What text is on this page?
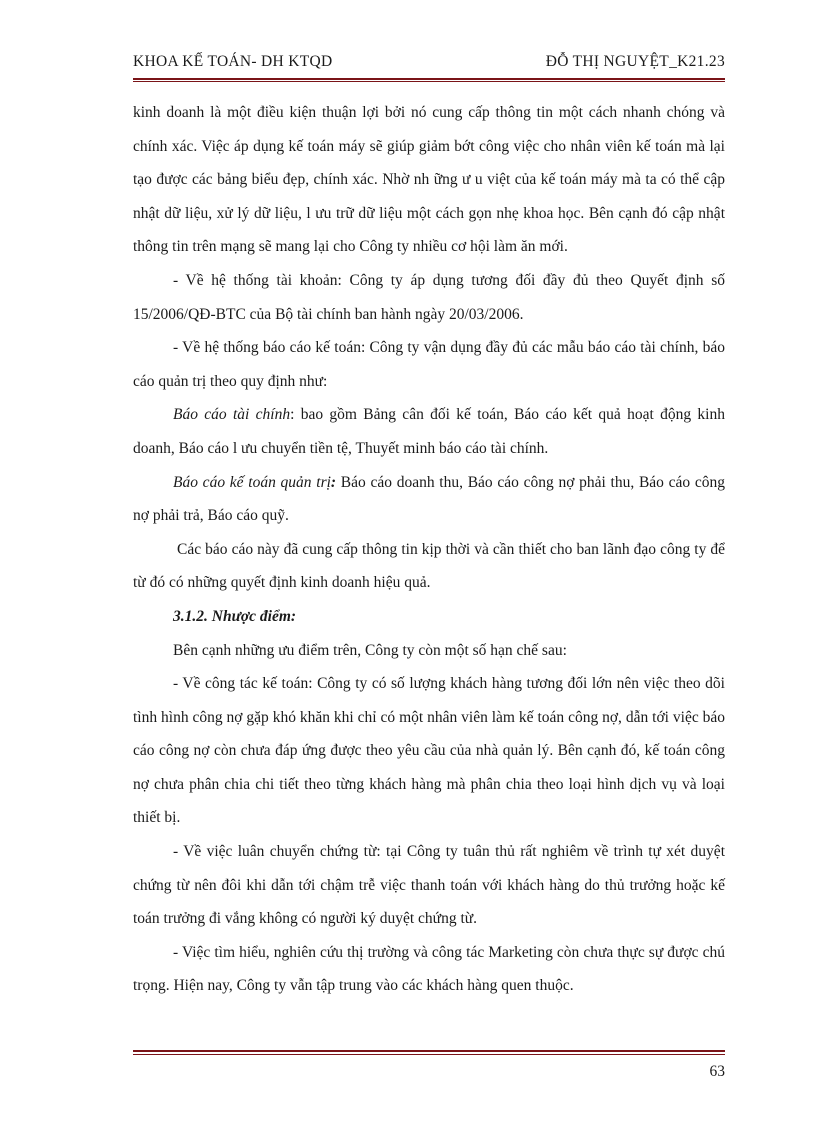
KHOA KẾ TOÁN- DH KTQD	ĐỖ THỊ NGUYỆT_K21.23

kinh doanh là một điều kiện thuận lợi bởi nó cung cấp thông tin một cách nhanh chóng và chính xác. Việc áp dụng kế toán máy sẽ giúp giảm bớt công việc cho nhân viên kế toán mà lại tạo được các bảng biểu đẹp, chính xác. Nhờ nh ững ư u việt của kế toán máy mà ta có thể cập nhật dữ liệu, xử lý dữ liệu, l ưu trữ dữ liệu một cách gọn nhẹ khoa học. Bên cạnh đó cập nhật thông tin trên mạng sẽ mang lại cho Công ty nhiều cơ hội làm ăn mới.

- Về hệ thống tài khoản: Công ty áp dụng tương đối đầy đủ theo Quyết định số 15/2006/QĐ-BTC của Bộ tài chính ban hành ngày 20/03/2006.

- Về hệ thống báo cáo kế toán: Công ty vận dụng đầy đủ các mẫu báo cáo tài chính, báo cáo quản trị theo quy định như:

Báo cáo tài chính: bao gồm Bảng cân đối kế toán, Báo cáo kết quả hoạt động kinh doanh, Báo cáo l ưu chuyển tiền tệ, Thuyết minh báo cáo tài chính.

Báo cáo kế toán quản trị: Báo cáo doanh thu, Báo cáo công nợ phải thu, Báo cáo công nợ phải trả, Báo cáo quỹ.

Các báo cáo này đã cung cấp thông tin kịp thời và cần thiết cho ban lãnh đạo công ty để từ đó có những quyết định kinh doanh hiệu quả.

3.1.2. Nhược điểm:

Bên cạnh những ưu điểm trên, Công ty còn một số hạn chế sau:

- Về công tác kế toán: Công ty có số lượng khách hàng tương đối lớn nên việc theo dõi tình hình công nợ gặp khó khăn khi chỉ có một nhân viên làm kế toán công nợ, dẫn tới việc báo cáo công nợ còn chưa đáp ứng được theo yêu cầu của nhà quản lý. Bên cạnh đó, kế toán công nợ chưa phân chia chi tiết theo từng khách hàng mà phân chia theo loại hình dịch vụ và loại thiết bị.

- Về việc luân chuyển chứng từ: tại Công ty tuân thủ rất nghiêm về trình tự xét duyệt chứng từ nên đôi khi dẫn tới chậm trễ việc thanh toán với khách hàng do thủ trưởng hoặc kế toán trưởng đi vắng không có người ký duyệt chứng từ.

- Việc tìm hiểu, nghiên cứu thị trường và công tác Marketing còn chưa thực sự được chú trọng. Hiện nay, Công ty vẫn tập trung vào các khách hàng quen thuộc.

63
